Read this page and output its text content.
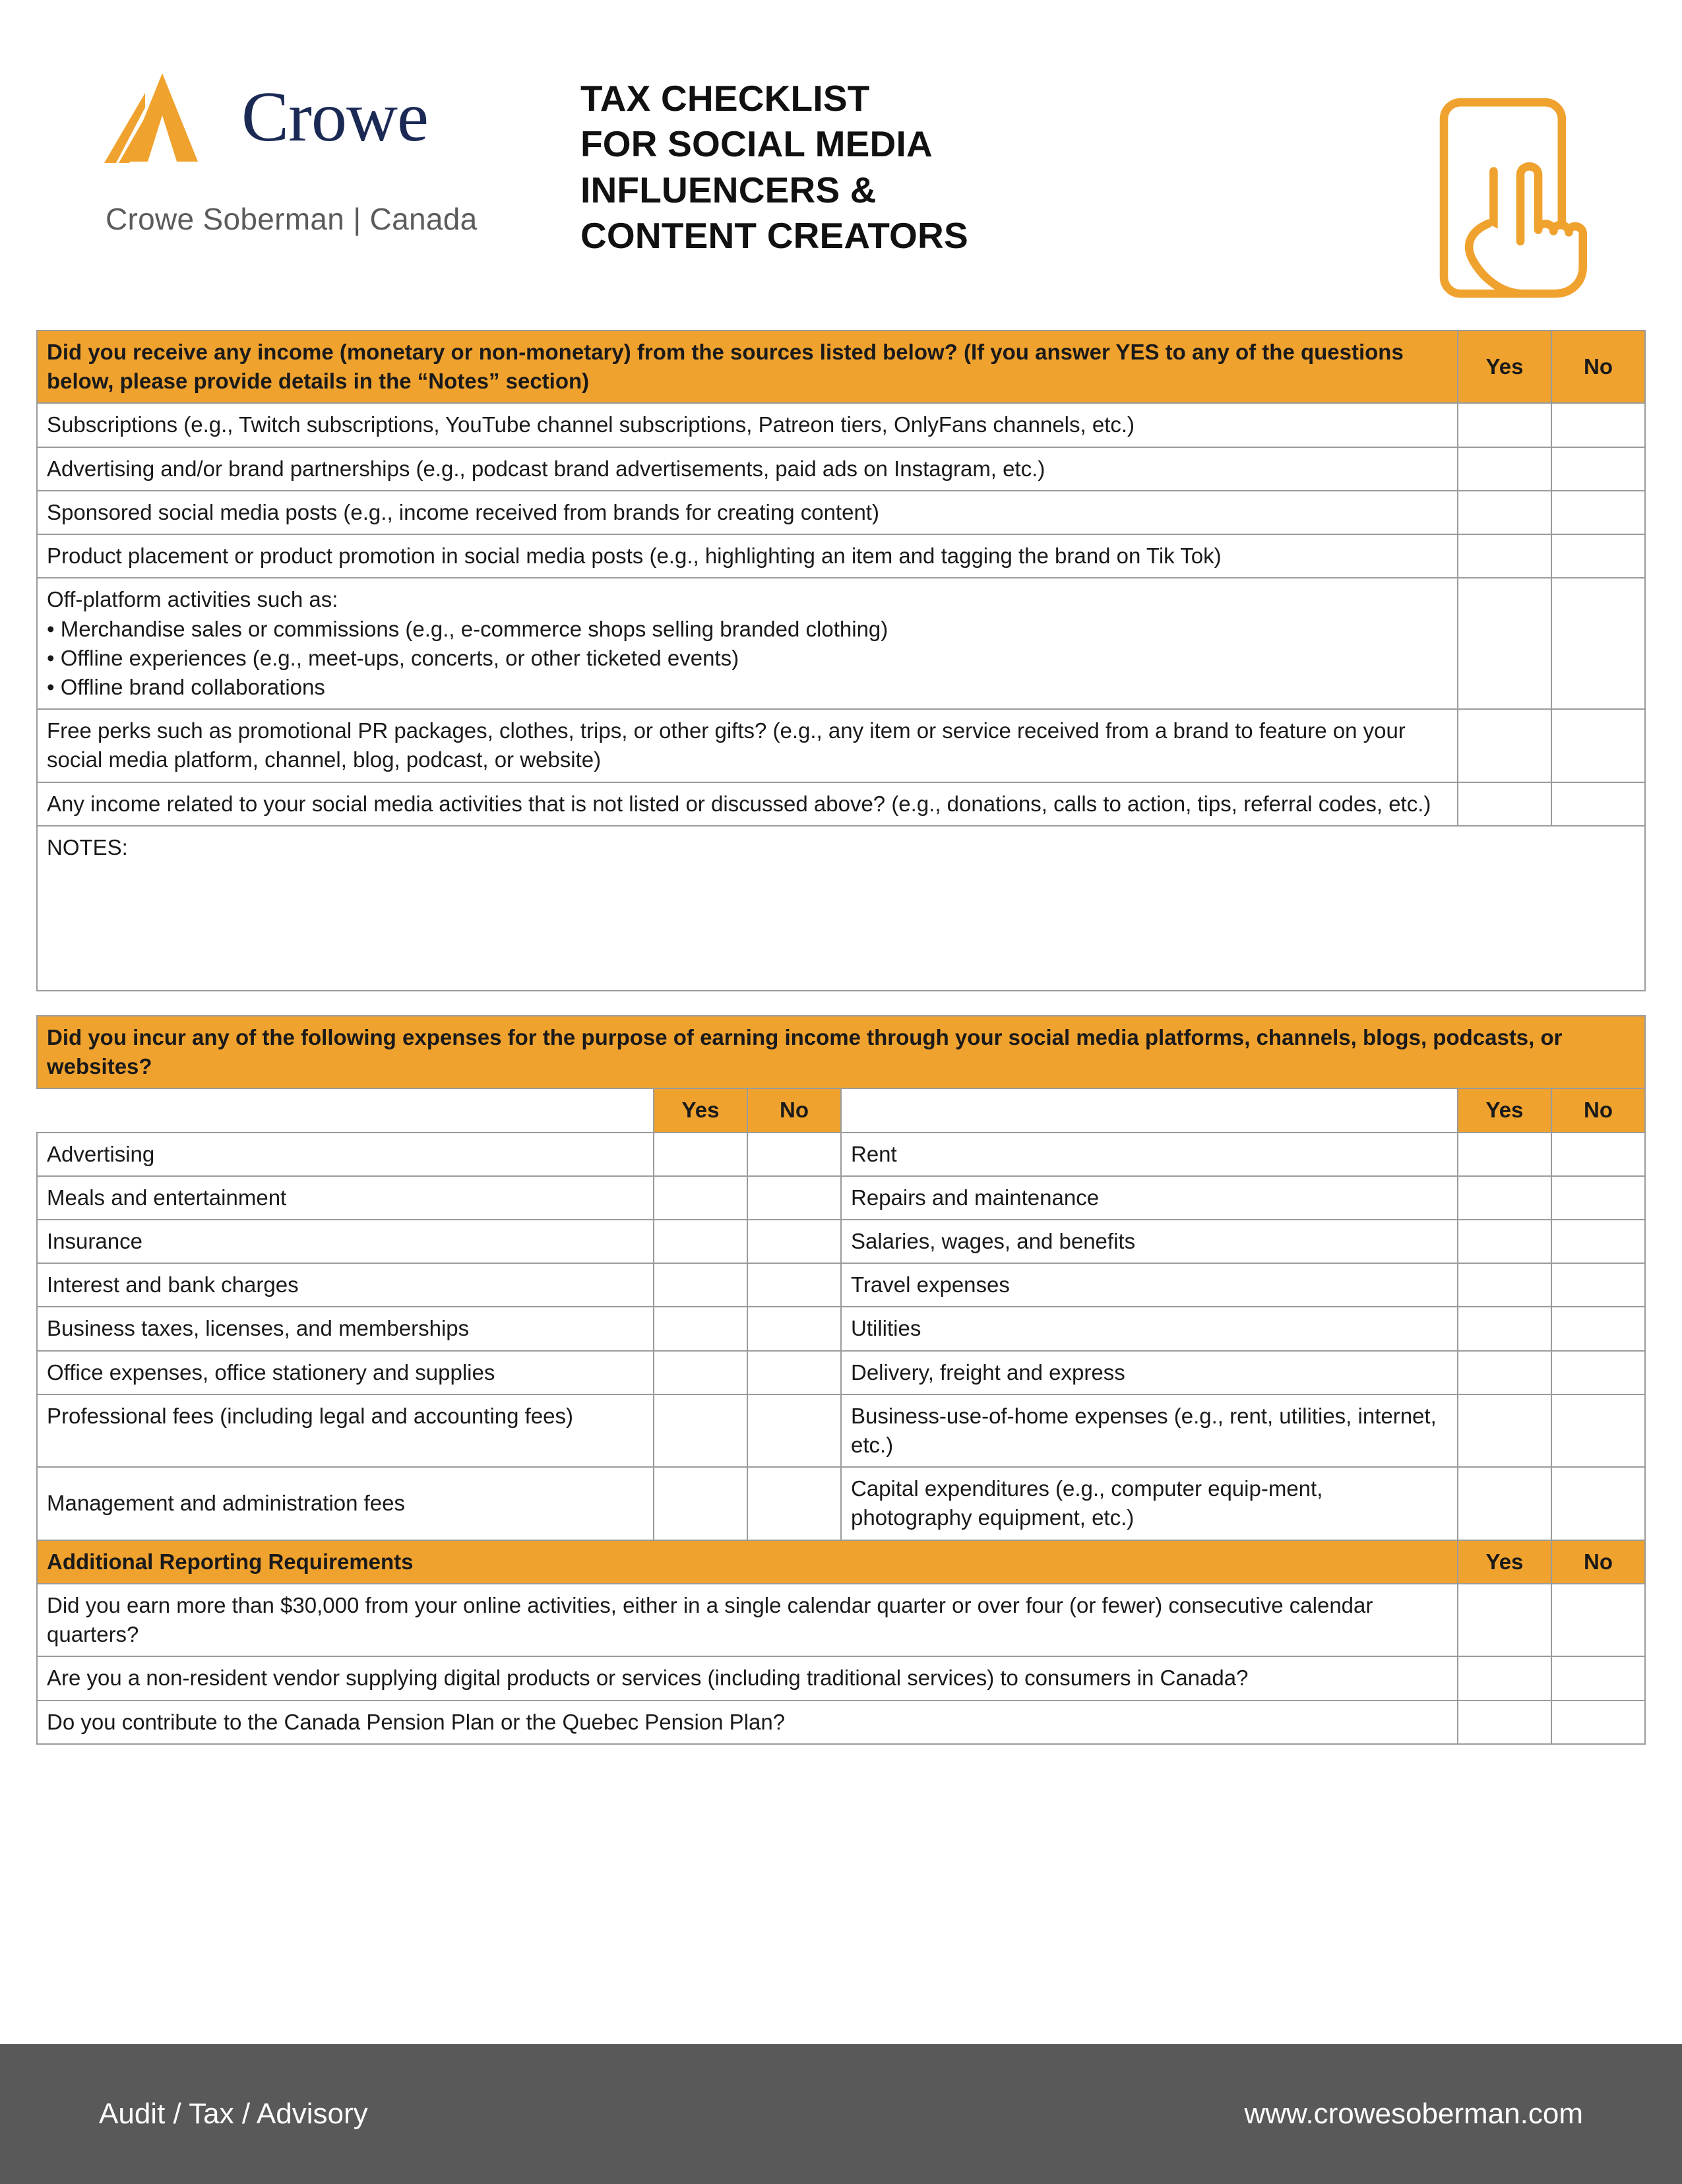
Crowe
Crowe Soberman | Canada
TAX CHECKLIST
FOR SOCIAL MEDIA
INFLUENCERS &
CONTENT CREATORS
Did you receive any income (monetary or non-monetary) from the sources listed below? (If you answer YES to any of the questions below, please provide details in the “Notes” section)	Yes	No
Subscriptions (e.g., Twitch subscriptions, YouTube channel subscriptions, Patreon tiers, OnlyFans channels, etc.)		
Advertising and/or brand partnerships (e.g., podcast brand advertisements, paid ads on Instagram, etc.)		
Sponsored social media posts (e.g., income received from brands for creating content)		
Product placement or product promotion in social media posts (e.g., highlighting an item and tagging the brand on Tik Tok)		

Off-platform activities such as:
• Merchandise sales or commissions (e.g., e-commerce shops selling branded clothing)
• Offline experiences (e.g., meet-ups, concerts, or other ticketed events)
• Offline brand collaborations

Free perks such as promotional PR packages, clothes, trips, or other gifts? (e.g., any item or service received from a brand to feature on your social media platform, channel, blog, podcast, or website)		
Any income related to your social media activities that is not listed or discussed above? (e.g., donations, calls to action, tips, referral codes, etc.)		
NOTES:		
Did you incur any of the following expenses for the purpose of earning income through your social media platforms, channels, blogs, podcasts, or websites?					
	Yes	No		Yes	No
Advertising			Rent		
Meals and entertainment			Repairs and maintenance		
Insurance			Salaries, wages, and benefits		
Interest and bank charges			Travel expenses		
Business taxes, licenses, and memberships			Utilities		
Office expenses, office stationery and supplies			Delivery, freight and express		
Professional fees (including legal and accounting fees)			Business-use-of-home expenses (e.g., rent, utilities, internet, etc.)		
Management and administration fees			Capital expenditures (e.g., computer equip-ment, photography equipment, etc.)		
Additional Reporting Requirements				Yes	No
Did you earn more than $30,000 from your online activities, either in a single calendar quarter or over four (or fewer) consecutive calendar quarters?					
Are you a non-resident vendor supplying digital products or services (including traditional services) to consumers in Canada?					
Do you contribute to the Canada Pension Plan or the Quebec Pension Plan?					
Audit / Tax / Advisory	www.crowesoberman.com
